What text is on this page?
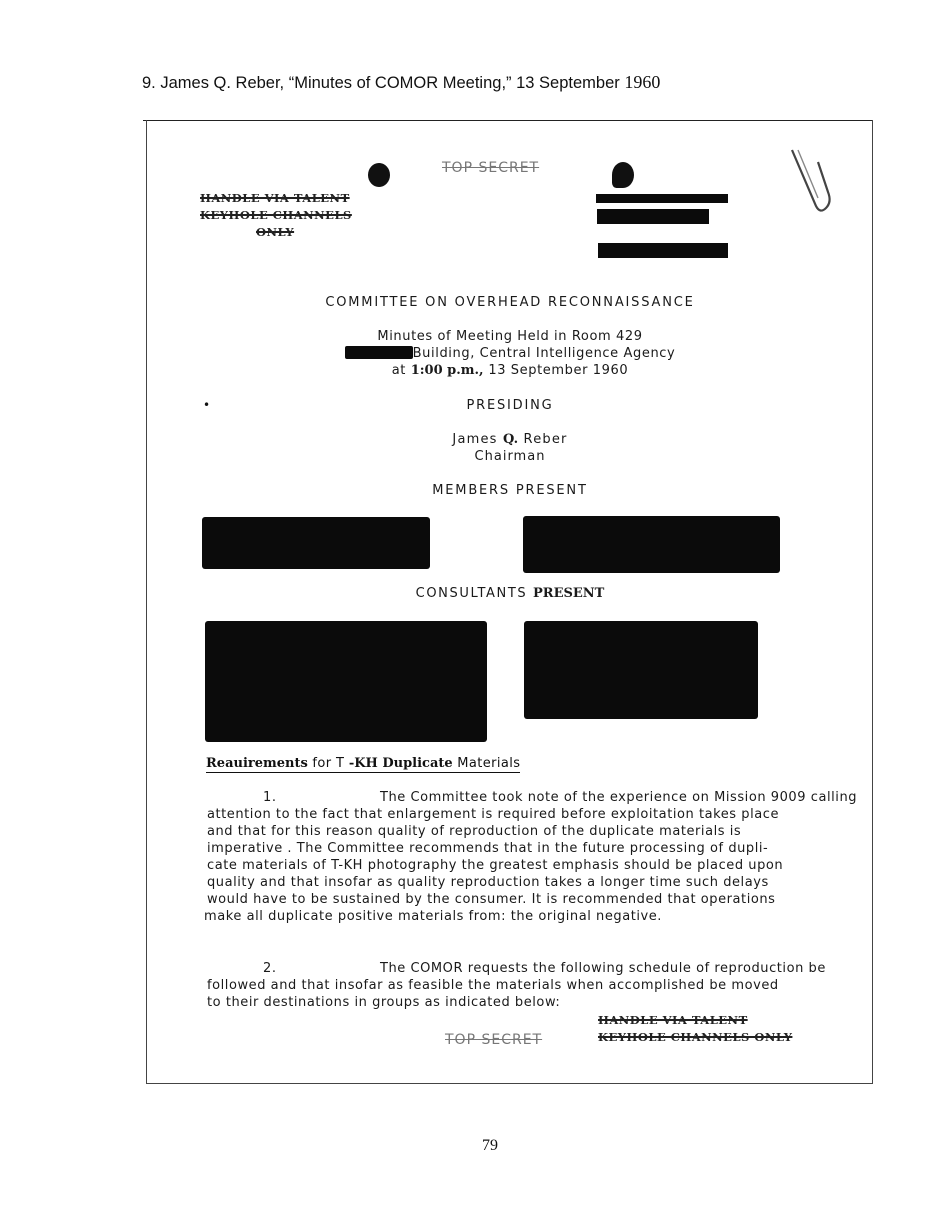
9. James Q. Reber, “Minutes of COMOR Meeting,” 13 September 1960
HANDLE VIA TALENT
KEYHOLE CHANNELS
ONLY
TOP SECRET
COMMITTEE ON OVERHEAD RECONNAISSANCE
Minutes of Meeting Held in Room 429
Building, Central Intelligence Agency
at 1:00 p.m., 13 September 1960
•	PRESIDING
James Q. Reber
Chairman
MEMBERS PRESENT
CONSULTANTS PRESENT
Reauirements for T -KH Duplicate Materials
1.	The Committee took note of the experience on Mission 9009 calling
attention to the fact that enlargement is required before exploitation takes place
and that for this reason quality of reproduction of the duplicate materials is
imperative . The Committee recommends that in the future processing of dupli-
cate materials of T-KH photography the greatest emphasis should be placed upon
quality and that insofar as quality reproduction takes a longer time such delays
would have to be sustained by the consumer. It is recommended that operations
make all duplicate positive materials from: the original negative.
2.	The COMOR requests the following schedule of reproduction be
followed and that insofar as feasible the materials when accomplished be moved
to their destinations in groups as indicated below:
HANDLE VIA TALENT
KEYHOLE CHANNELS ONLY
TOP SECRET
79
